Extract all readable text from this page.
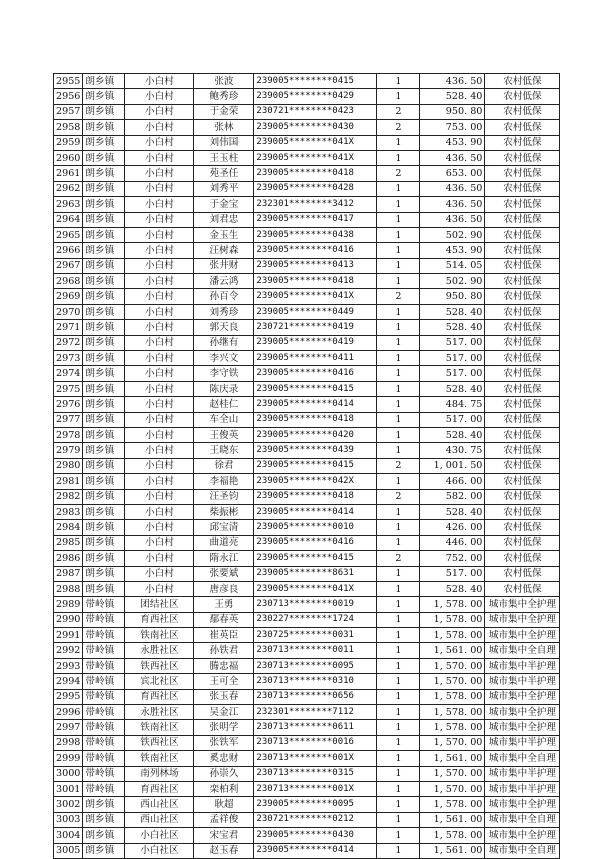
2955	朗乡镇	小白村	张波	239005********0415	1	436. 50	农村低保
2956	朗乡镇	小白村	鲍秀珍	239005********0429	1	528. 40	农村低保
2957	朗乡镇	小白村	于金荣	230721********0423	2	950. 80	农村低保
2958	朗乡镇	小白村	张林	239005********0430	2	753. 00	农村低保
2959	朗乡镇	小白村	刘伟国	239005********041X	1	453. 90	农村低保
2960	朗乡镇	小白村	王玉柱	239005********041X	1	436. 50	农村低保
2961	朗乡镇	小白村	苑圣任	239005********0418	2	653. 00	农村低保
2962	朗乡镇	小白村	刘秀平	239005********0428	1	436. 50	农村低保
2963	朗乡镇	小白村	于金宝	232301********3412	1	436. 50	农村低保
2964	朗乡镇	小白村	刘君忠	239005********0417	1	436. 50	农村低保
2965	朗乡镇	小白村	金玉生	239005********0438	1	502. 90	农村低保
2966	朗乡镇	小白村	汪树森	239005********0416	1	453. 90	农村低保
2967	朗乡镇	小白村	张井财	239005********0413	1	514. 05	农村低保
2968	朗乡镇	小白村	潘云鸿	239005********0418	1	502. 90	农村低保
2969	朗乡镇	小白村	孙百令	239005********041X	2	950. 80	农村低保
2970	朗乡镇	小白村	刘秀珍	239005********0449	1	528. 40	农村低保
2971	朗乡镇	小白村	郭天良	230721********0419	1	528. 40	农村低保
2972	朗乡镇	小白村	孙继有	239005********0419	1	517. 00	农村低保
2973	朗乡镇	小白村	李兴文	239005********0411	1	517. 00	农村低保
2974	朗乡镇	小白村	李守铁	239005********0416	1	517. 00	农村低保
2975	朗乡镇	小白村	陈庆录	239005********0415	1	528. 40	农村低保
2976	朗乡镇	小白村	赵桂仁	239005********0414	1	484. 75	农村低保
2977	朗乡镇	小白村	车全山	239005********0418	1	517. 00	农村低保
2978	朗乡镇	小白村	王俊英	239005********0420	1	528. 40	农村低保
2979	朗乡镇	小白村	王晓东	239005********0439	1	430. 75	农村低保
2980	朗乡镇	小白村	徐君	239005********0415	2	1, 001. 50	农村低保
2981	朗乡镇	小白村	李福艳	239005********042X	1	466. 00	农村低保
2982	朗乡镇	小白村	汪圣钧	239005********0418	2	582. 00	农村低保
2983	朗乡镇	小白村	柴振彬	239005********0414	1	528. 40	农村低保
2984	朗乡镇	小白村	邱宝清	239005********0010	1	426. 00	农村低保
2985	朗乡镇	小白村	曲道亮	239005********0416	1	446. 00	农村低保
2986	朗乡镇	小白村	隋永江	239005********0415	2	752. 00	农村低保
2987	朗乡镇	小白村	张要斌	239005********8631	1	517. 00	农村低保
2988	朗乡镇	小白村	唐彦良	239005********041X	1	528. 40	农村低保
2989	带岭镇	团结社区	王勇	230713********0019	1	1, 578. 00	城市集中全护理
2990	带岭镇	育西社区	鄢春英	230227********1724	1	1, 578. 00	城市集中全护理
2991	带岭镇	铁南社区	崔英臣	230725********0031	1	1, 578. 00	城市集中全护理
2992	带岭镇	永胜社区	孙铁君	230713********0011	1	1, 561. 00	城市集中全自理
2993	带岭镇	铁西社区	腾忠福	230713********0095	1	1, 570. 00	城市集中半护理
2994	带岭镇	宾北社区	王可全	230713********0310	1	1, 570. 00	城市集中半护理
2995	带岭镇	育西社区	张玉春	230713********0656	1	1, 578. 00	城市集中全护理
2996	带岭镇	永胜社区	吴金江	232301********7112	1	1, 578. 00	城市集中全护理
2997	带岭镇	铁南社区	张明学	230713********0611	1	1, 578. 00	城市集中全护理
2998	带岭镇	铁西社区	张铁军	230713********0016	1	1, 570. 00	城市集中半护理
2999	带岭镇	铁南社区	奚忠财	230713********001X	1	1, 561. 00	城市集中全自理
3000	带岭镇	南列林场	孙崇久	230713********0315	1	1, 570. 00	城市集中半护理
3001	带岭镇	育西社区	栾柏利	230713********001X	1	1, 570. 00	城市集中半护理
3002	朗乡镇	西山社区	耿超	239005********0095	1	1, 578. 00	城市集中全护理
3003	朗乡镇	西山社区	孟祥俊	230721********0212	1	1, 561. 00	城市集中全自理
3004	朗乡镇	小白社区	宋宝君	239005********0430	1	1, 578. 00	城市集中全护理
3005	朗乡镇	小白社区	赵玉春	239005********0414	1	1, 561. 00	城市集中全自理
